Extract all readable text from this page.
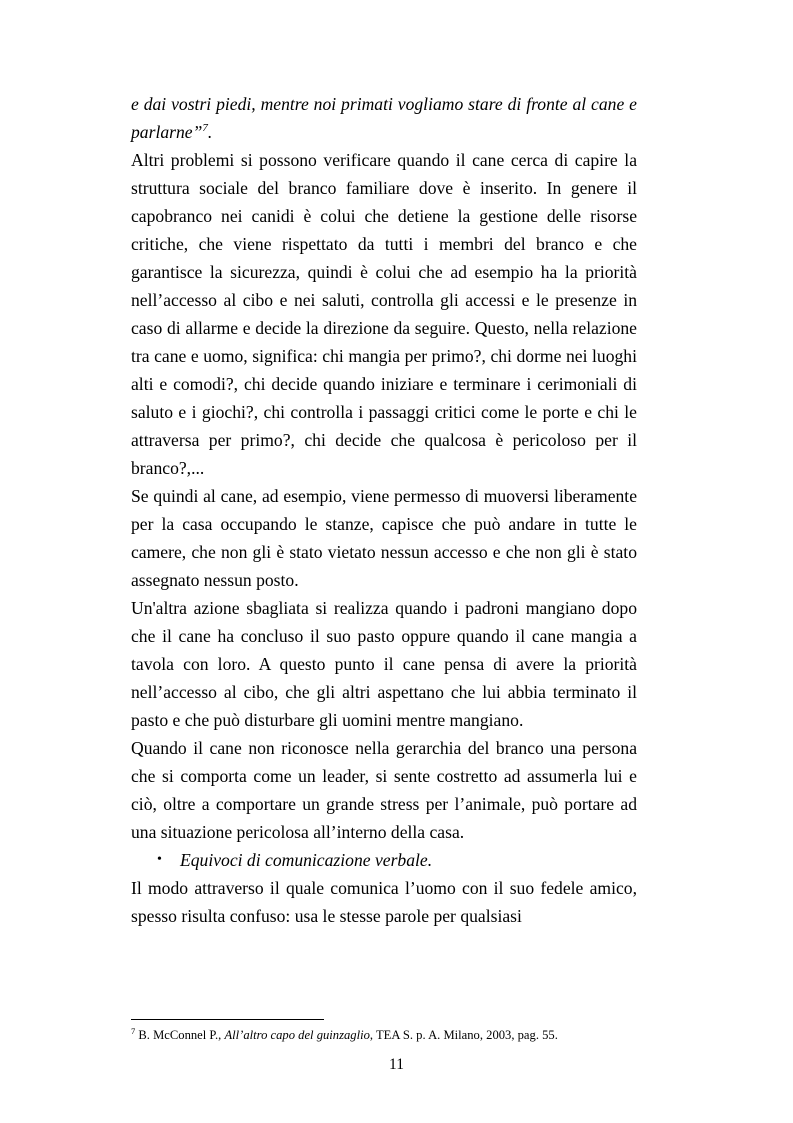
e dai vostri piedi, mentre noi primati vogliamo stare di fronte al cane e parlarne”$^7$.

Altri problemi si possono verificare quando il cane cerca di capire la struttura sociale del branco familiare dove è inserito. In genere il capobranco nei canidi è colui che detiene la gestione delle risorse critiche, che viene rispettato da tutti i membri del branco e che garantisce la sicurezza, quindi è colui che ad esempio ha la priorità nell’accesso al cibo e nei saluti, controlla gli accessi e le presenze in caso di allarme e decide la direzione da seguire. Questo, nella relazione tra cane e uomo, significa: chi mangia per primo?, chi dorme nei luoghi alti e comodi?, chi decide quando iniziare e terminare i cerimoniali di saluto e i giochi?, chi controlla i passaggi critici come le porte e chi le attraversa per primo?, chi decide che qualcosa è pericoloso per il branco?,...

Se quindi al cane, ad esempio, viene permesso di muoversi liberamente per la casa occupando le stanze, capisce che può andare in tutte le camere, che non gli è stato vietato nessun accesso e che non gli è stato assegnato nessun posto.

Un'altra azione sbagliata si realizza quando i padroni mangiano dopo che il cane ha concluso il suo pasto oppure quando il cane mangia a tavola con loro. A questo punto il cane pensa di avere la priorità nell’accesso al cibo, che gli altri aspettano che lui abbia terminato il pasto e che può disturbare gli uomini mentre mangiano.

Quando il cane non riconosce nella gerarchia del branco una persona che si comporta come un leader, si sente costretto ad assumerla lui e ciò, oltre a comportare un grande stress per l’animale, può portare ad una situazione pericolosa all’interno della casa.

• Equivoci di comunicazione verbale.

Il modo attraverso il quale comunica l’uomo con il suo fedele amico, spesso risulta confuso: usa le stesse parole per qualsiasi

$^7$ B. McConnel P., All’altro capo del guinzaglio, TEA S. p. A. Milano, 2003, pag. 55.
11
